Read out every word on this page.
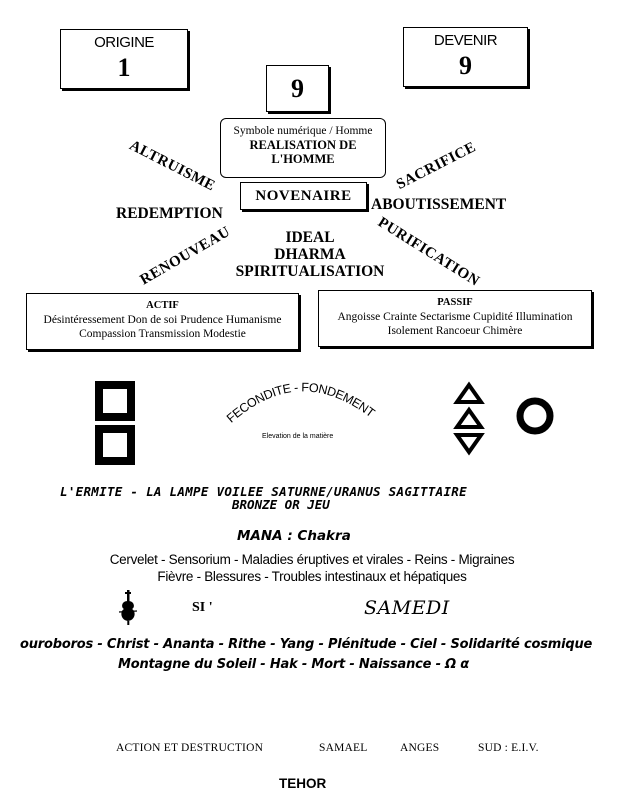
ORIGINE
1
DEVENIR
9
9
Symbole numérique / Homme
REALISATION DE
L'HOMME
ALTRUISME	SACRIFICE
NOVENAIRE
REDEMPTION
ABOUTISSEMENT
RENOUVEAU	PURIFICATION
IDEAL
DHARMA
SPIRITUALISATION
ACTIF
Désintéressement Don de soi Prudence Humanisme
Compassion Transmission Modestie
PASSIF
Angoisse Crainte Sectarisme Cupidité Illumination
Isolement Rancoeur Chimère
FECONDITE - FONDEMENT
Elevation de la matière
L'ERMITE - LA LAMPE VOILEE SATURNE/URANUS SAGITTAIRE
BRONZE OR JEU
MANA : Chakra
Cervelet - Sensorium - Maladies éruptives et virales - Reins - Migraines
Fièvre - Blessures - Troubles intestinaux et hépatiques
SI '	SAMEDI
ouroboros - Christ - Ananta - Rithe - Yang - Plénitude - Ciel - Solidarité cosmique
Montagne du Soleil - Hak - Mort - Naissance - Ω α
ACTION ET DESTRUCTION	SAMAEL	ANGES	SUD : E.I.V.
TEHOR
